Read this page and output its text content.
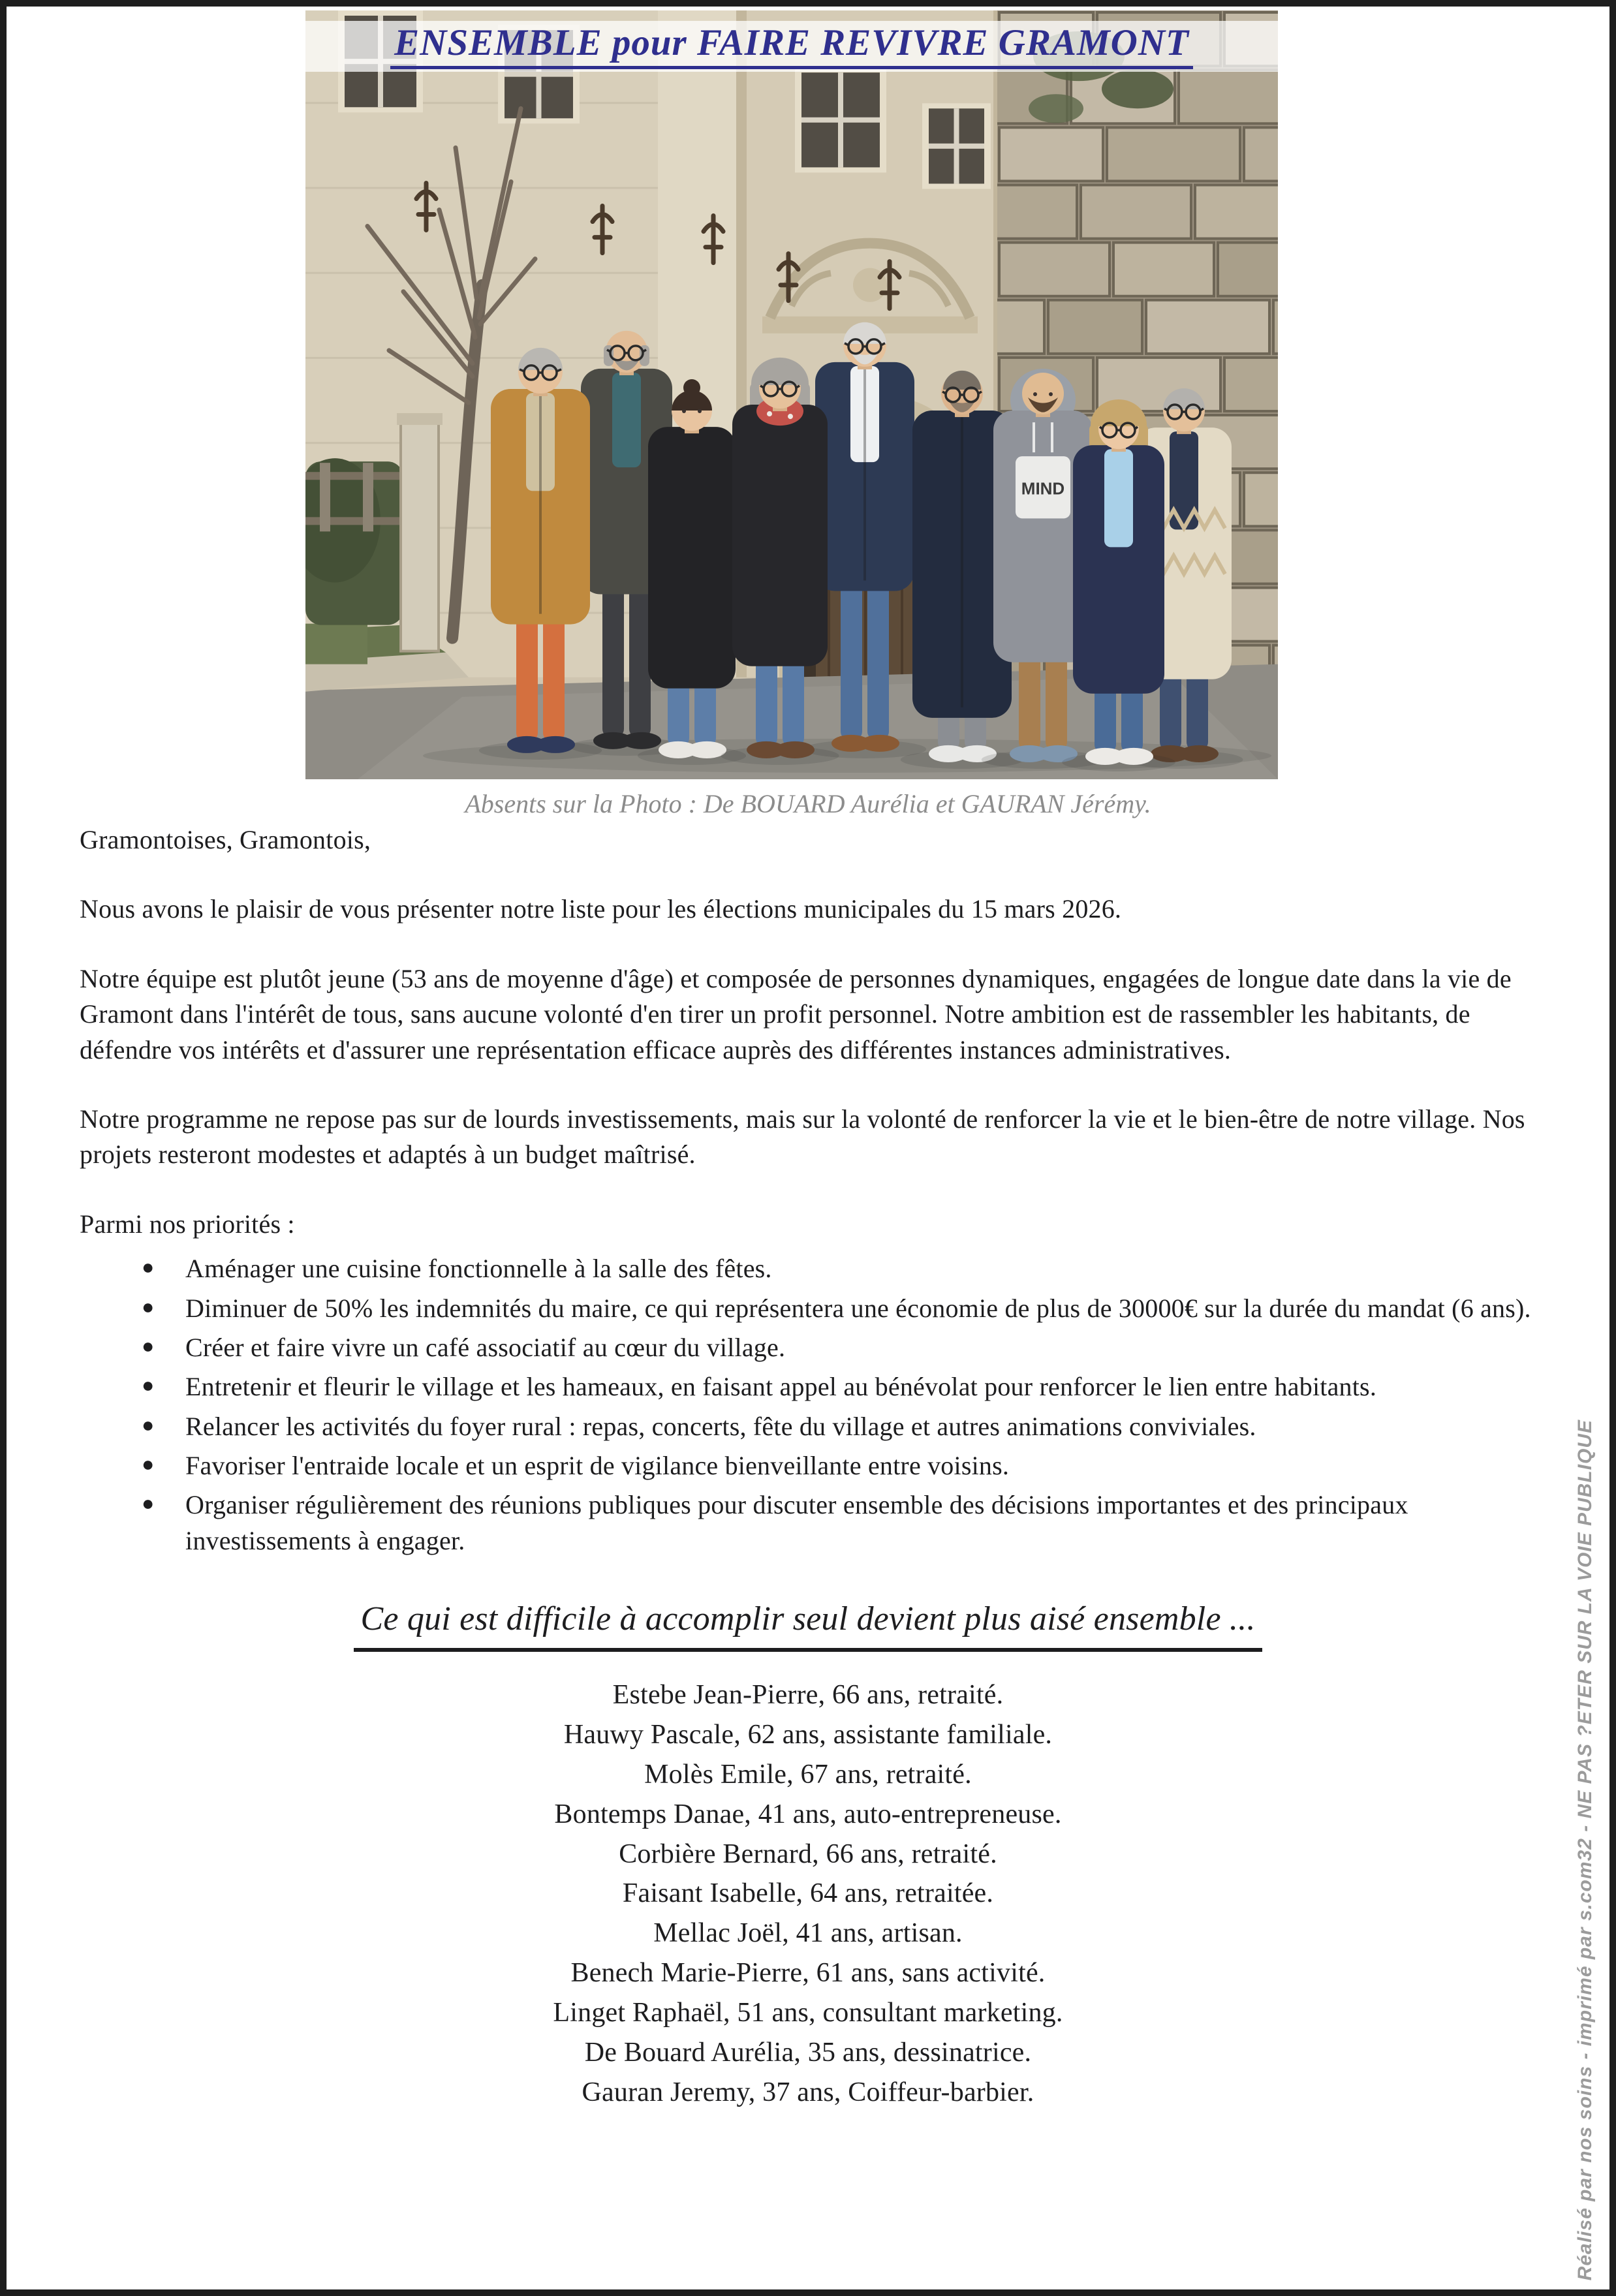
MIND
ENSEMBLE pour FAIRE REVIVRE GRAMONT
Absents sur la Photo : De BOUARD Aurélia et GAURAN Jérémy.

Gramontoises, Gramontois,

Nous avons le plaisir de vous présenter notre liste pour les élections municipales du 15 mars 2026.

Notre équipe est plutôt jeune (53 ans de moyenne d'âge) et composée de personnes dynamiques, engagées de longue date dans la vie de Gramont dans l'intérêt de tous, sans aucune volonté d'en tirer un profit personnel. Notre ambition est de rassembler les habitants, de défendre vos intérêts et d'assurer une représentation efficace auprès des différentes instances administratives.

Notre programme ne repose pas sur de lourds investissements, mais sur la volonté de renforcer la vie et le bien-être de notre village. Nos projets resteront modestes et adaptés à un budget maîtrisé.

Parmi nos priorités :

● Aménager une cuisine fonctionnelle à la salle des fêtes.
● Diminuer de 50% les indemnités du maire, ce qui représentera une économie de plus de 30000€ sur la durée du mandat (6 ans).
● Créer et faire vivre un café associatif au cœur du village.
● Entretenir et fleurir le village et les hameaux, en faisant appel au bénévolat pour renforcer le lien entre habitants.
● Relancer les activités du foyer rural : repas, concerts, fête du village et autres animations conviviales.
● Favoriser l'entraide locale et un esprit de vigilance bienveillante entre voisins.
● Organiser régulièrement des réunions publiques pour discuter ensemble des décisions importantes et des principaux investissements à engager.
Ce qui est difficile à accomplir seul devient plus aisé ensemble ...
Estebe Jean-Pierre, 66 ans, retraité.
Hauwy Pascale, 62 ans, assistante familiale.
Molès Emile, 67 ans, retraité.
Bontemps Danae, 41 ans, auto-entrepreneuse.
Corbière Bernard, 66 ans, retraité.
Faisant Isabelle, 64 ans, retraitée.
Mellac Joël, 41 ans, artisan.
Benech Marie-Pierre, 61 ans, sans activité.
Linget Raphaël, 51 ans, consultant marketing.
De Bouard Aurélia, 35 ans, dessinatrice.
Gauran Jeremy, 37 ans, Coiffeur-barbier.	Réalisé par nos soins - imprimé par s.com32 - NE PAS ?ETER SUR LA VOIE PUBLIQUE
